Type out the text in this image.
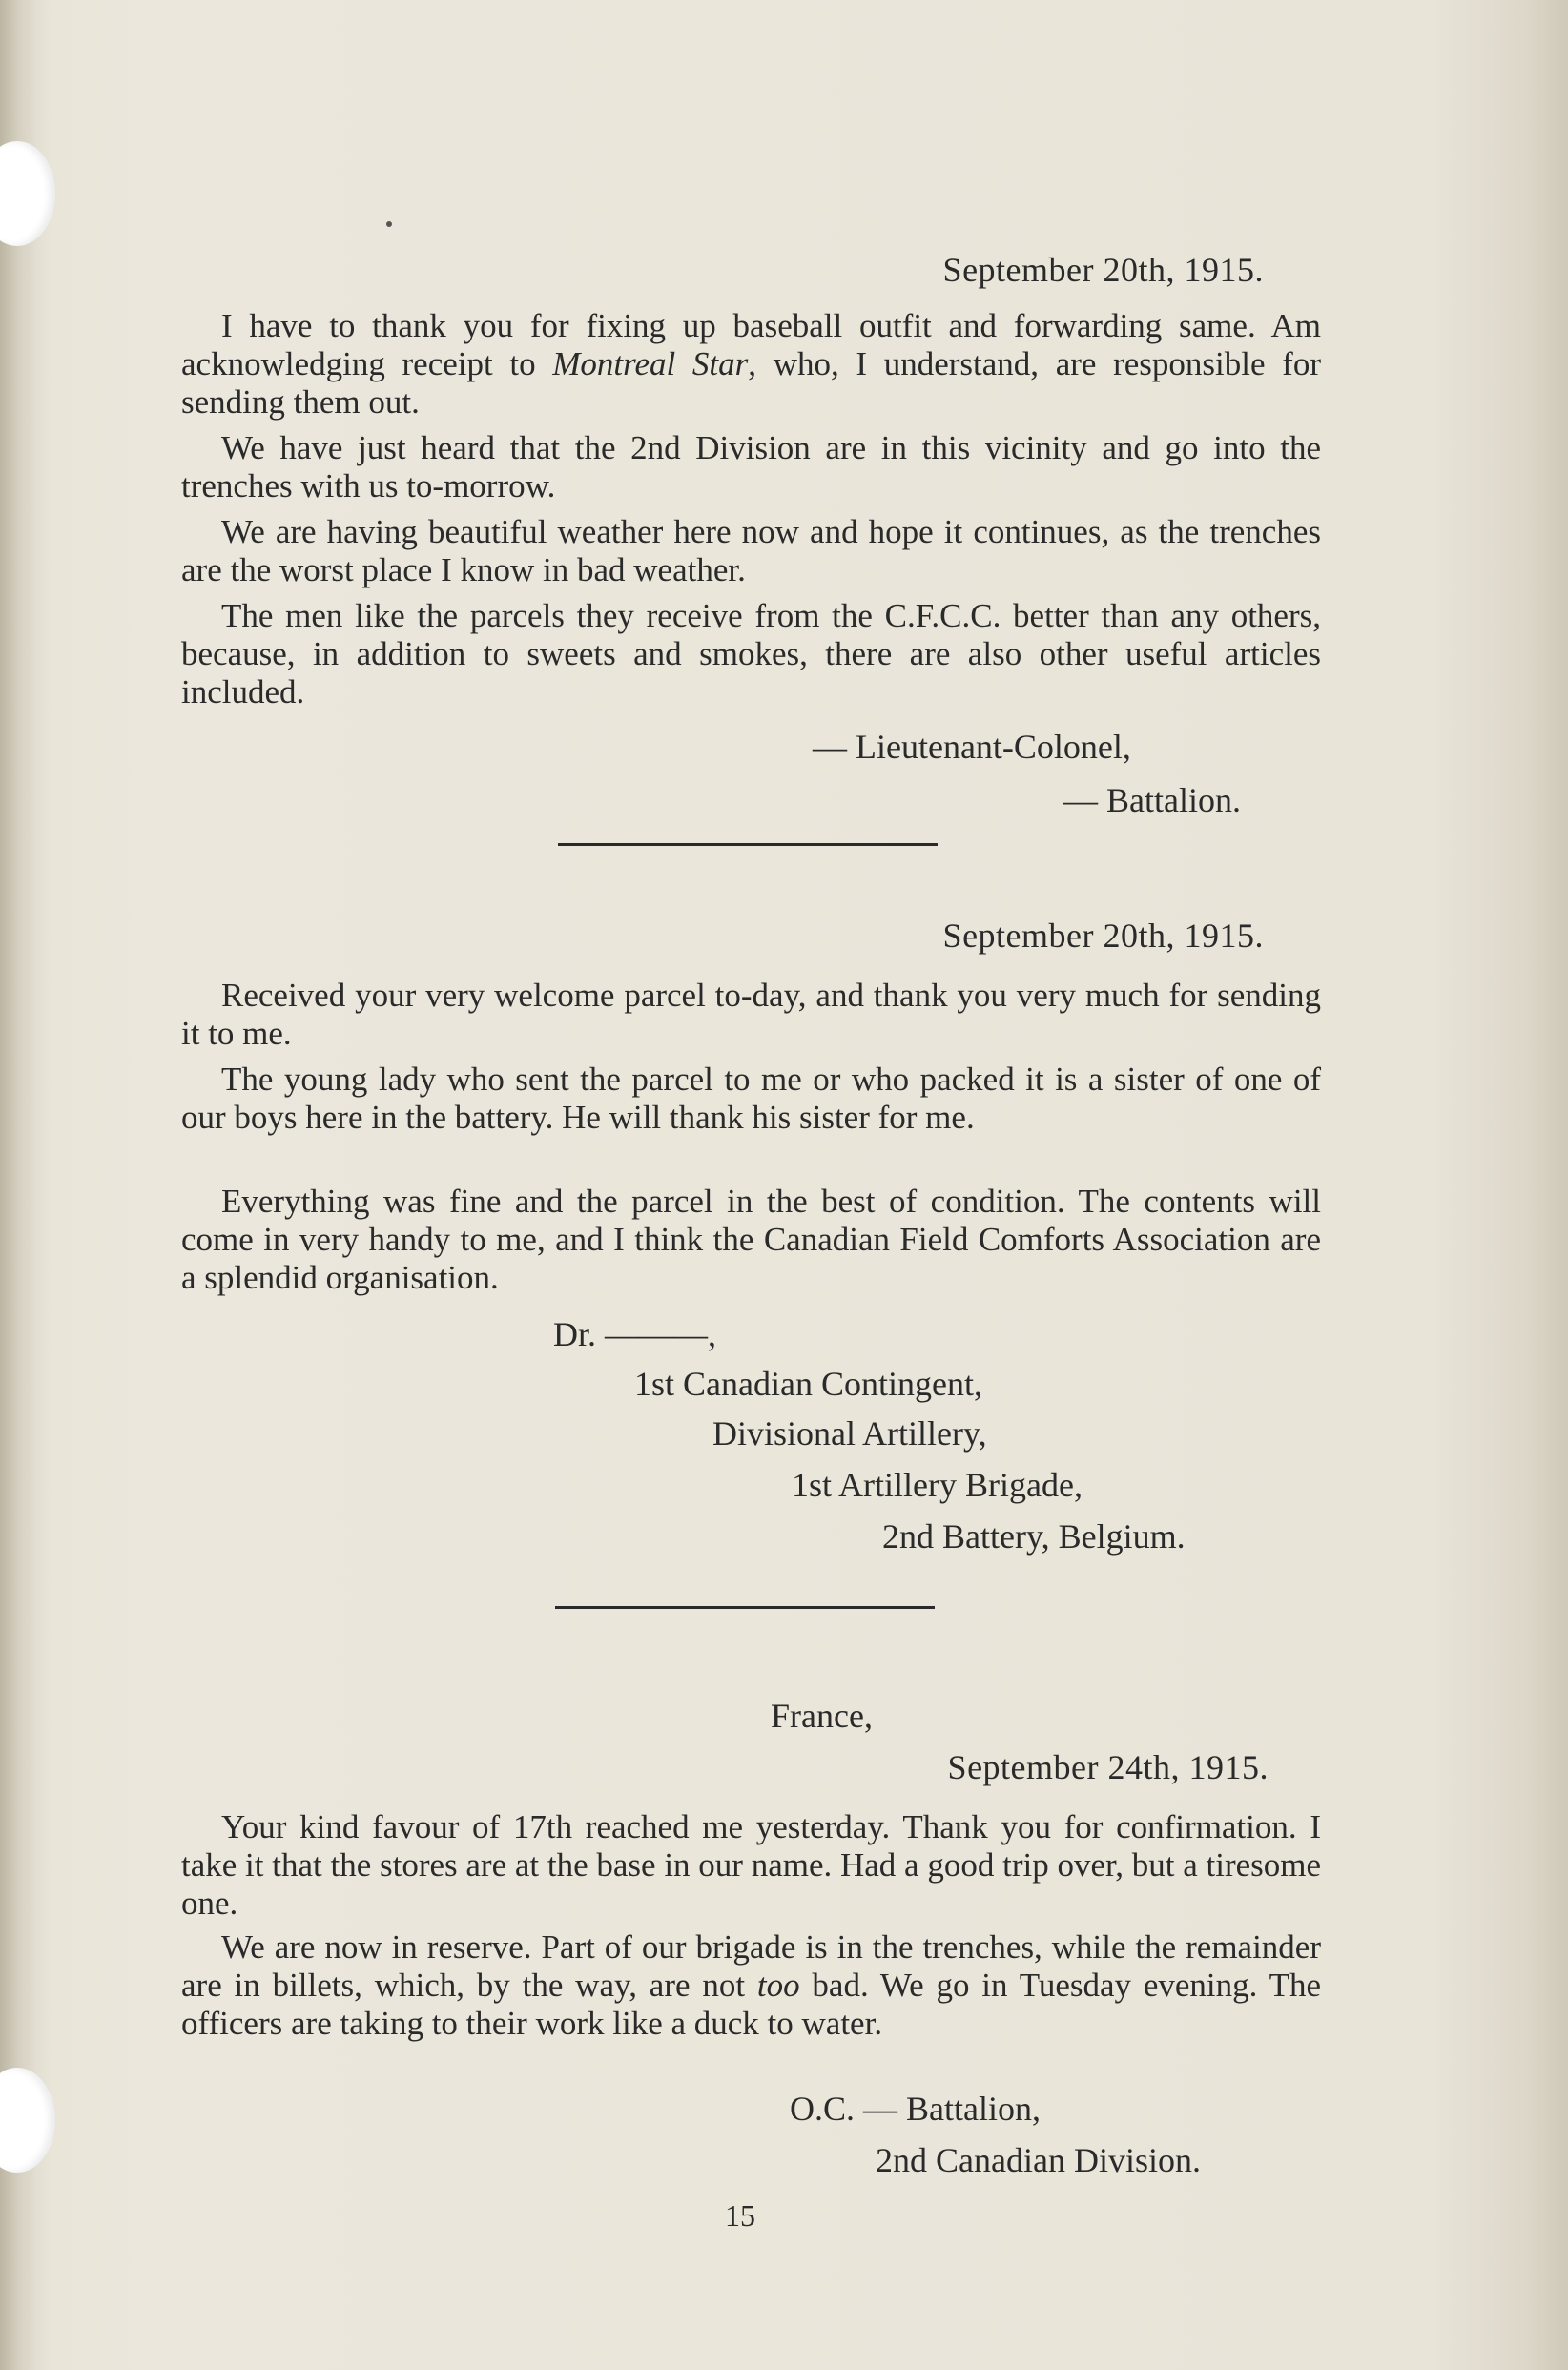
September 20th, 1915.
I have to thank you for fixing up baseball outfit and forwarding same. Am acknowledging receipt to Montreal Star, who, I understand, are responsible for sending them out.
We have just heard that the 2nd Division are in this vicinity and go into the trenches with us to-morrow.
We are having beautiful weather here now and hope it continues, as the trenches are the worst place I know in bad weather.
The men like the parcels they receive from the C.F.C.C. better than any others, because, in addition to sweets and smokes, there are also other useful articles included.
— Lieutenant-Colonel,
— Battalion.
September 20th, 1915.
Received your very welcome parcel to-day, and thank you very much for sending it to me.
The young lady who sent the parcel to me or who packed it is a sister of one of our boys here in the battery. He will thank his sister for me.
Everything was fine and the parcel in the best of condition. The contents will come in very handy to me, and I think the Canadian Field Comforts Association are a splendid organisation.
Dr. ———,
1st Canadian Contingent,
Divisional Artillery,
1st Artillery Brigade,
2nd Battery, Belgium.
France,
September 24th, 1915.
Your kind favour of 17th reached me yesterday. Thank you for confirmation. I take it that the stores are at the base in our name. Had a good trip over, but a tiresome one.
We are now in reserve. Part of our brigade is in the trenches, while the remainder are in billets, which, by the way, are not too bad. We go in Tuesday evening. The officers are taking to their work like a duck to water.
O.C. — Battalion,
2nd Canadian Division.
15
